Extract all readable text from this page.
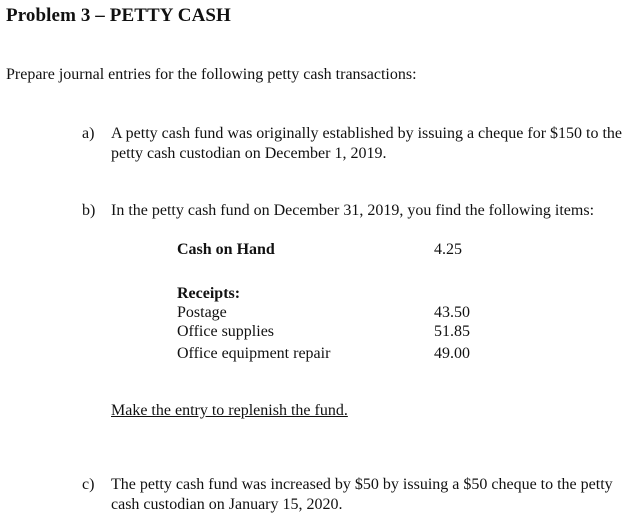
Problem 3 – PETTY CASH
Prepare journal entries for the following petty cash transactions:
a) A petty cash fund was originally established by issuing a cheque for $150 to the petty cash custodian on December 1, 2019.
b) In the petty cash fund on December 31, 2019, you find the following items:
Cash on Hand	4.25
Receipts:
Postage	43.50
Office supplies	51.85
Office equipment repair	49.00
Make the entry to replenish the fund.
c) The petty cash fund was increased by $50 by issuing a $50 cheque to the petty cash custodian on January 15, 2020.
